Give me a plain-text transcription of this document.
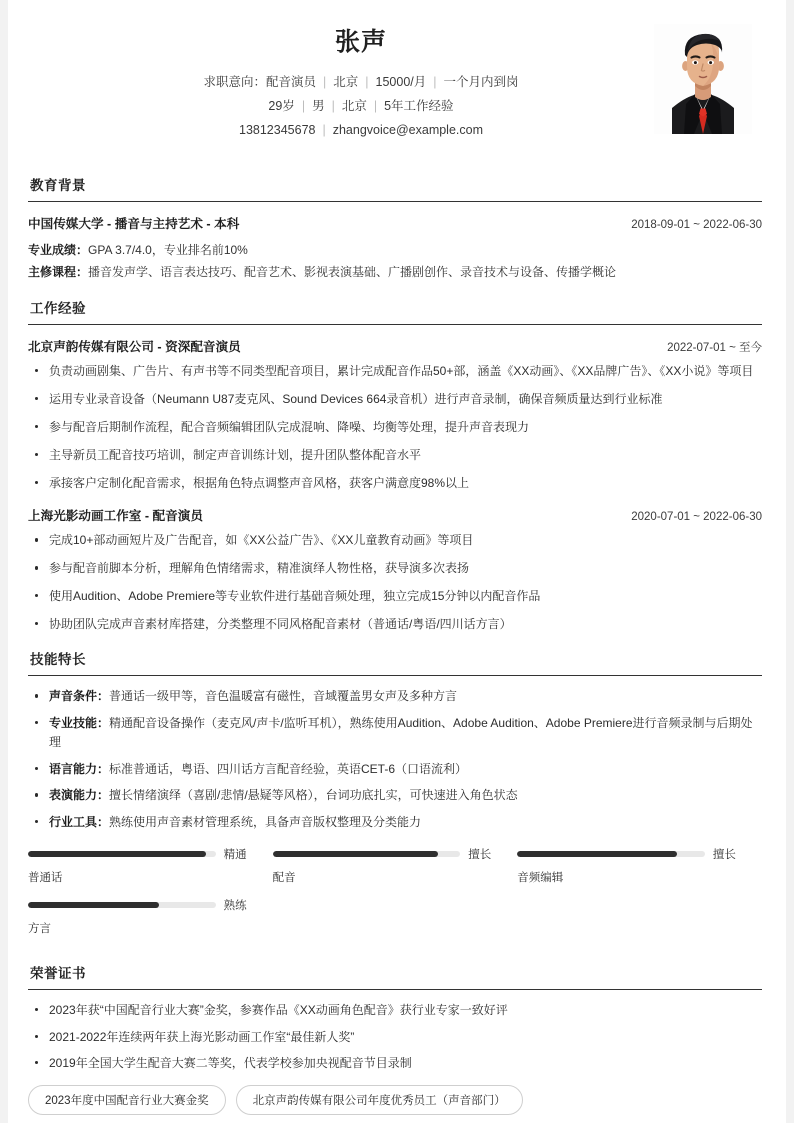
张声
求职意向：配音演员 | 北京 | 15000/月 | 一个月内到岗
29岁 | 男 | 北京 | 5年工作经验
13812345678 | zhangvoice@example.com
教育背景
中国传媒大学 - 播音与主持艺术 - 本科	2018-09-01 ~ 2022-06-30
专业成绩：GPA 3.7/4.0，专业排名前10%
主修课程：播音发声学、语言表达技巧、配音艺术、影视表演基础、广播剧创作、录音技术与设备、传播学概论
工作经验
北京声韵传媒有限公司 - 资深配音演员	2022-07-01 ~ 至今
负责动画剧集、广告片、有声书等不同类型配音项目，累计完成配音作品50+部，涵盖《XX动画》、《XX品牌广告》、《XX小说》等项目
运用专业录音设备（Neumann U87麦克风、Sound Devices 664录音机）进行声音录制，确保音频质量达到行业标准
参与配音后期制作流程，配合音频编辑团队完成混响、降噪、均衡等处理，提升声音表现力
主导新员工配音技巧培训，制定声音训练计划，提升团队整体配音水平
承接客户定制化配音需求，根据角色特点调整声音风格，获客户满意度98%以上
上海光影动画工作室 - 配音演员	2020-07-01 ~ 2022-06-30
完成10+部动画短片及广告配音，如《XX公益广告》、《XX儿童教育动画》等项目
参与配音前脚本分析，理解角色情绪需求，精准演绎人物性格，获导演多次表扬
使用Audition、Adobe Premiere等专业软件进行基础音频处理，独立完成15分钟以内配音作品
协助团队完成声音素材库搭建，分类整理不同风格配音素材（普通话/粤语/四川话方言）
技能特长
声音条件：普通话一级甲等，音色温暖富有磁性，音域覆盖男女声及多种方言
专业技能：精通配音设备操作（麦克风/声卡/监听耳机），熟练使用Audition、Adobe Audition、Adobe Premiere进行音频录制与后期处理
语言能力：标准普通话，粤语、四川话方言配音经验，英语CET-6（口语流利）
表演能力：擅长情绪演绎（喜剧/悲情/悬疑等风格），台词功底扎实，可快速进入角色状态
行业工具：熟练使用声音素材管理系统，具备声音版权整理及分类能力
精通
普通话
擅长
配音
擅长
音频编辑
熟练
方言
荣誉证书
2023年获“中国配音行业大赛”金奖，参赛作品《XX动画角色配音》获行业专家一致好评
2021-2022年连续两年获上海光影动画工作室“最佳新人奖”
2019年全国大学生配音大赛二等奖，代表学校参加央视配音节目录制
2023年度中国配音行业大赛金奖	北京声韵传媒有限公司年度优秀员工（声音部门）
